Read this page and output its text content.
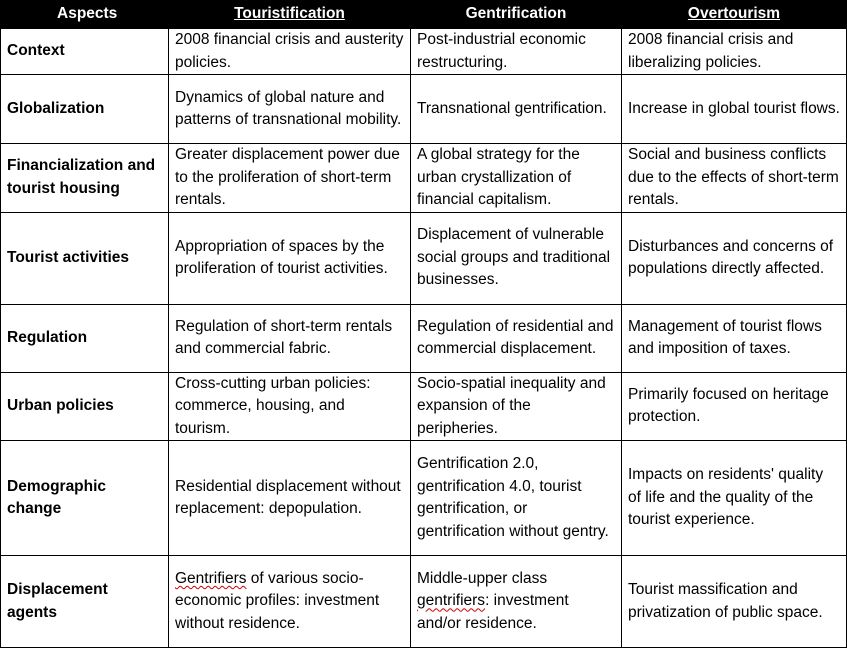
Aspects	Touristification	Gentrification	Overtourism
Context	2008 financial crisis and austerity policies.	Post-industrial economic restructuring.	2008 financial crisis and liberalizing policies.
Globalization	Dynamics of global nature and patterns of transnational mobility.	Transnational gentrification.	Increase in global tourist flows.
Financialization and tourist housing	Greater displacement power due to the proliferation of short-term rentals.	A global strategy for the urban crystallization of financial capitalism.	Social and business conflicts due to the effects of short-term rentals.
Tourist activities	Appropriation of spaces by the proliferation of tourist activities.	Displacement of vulnerable social groups and traditional businesses.	Disturbances and concerns of populations directly affected.
Regulation	Regulation of short-term rentals and commercial fabric.	Regulation of residential and commercial displacement.	Management of tourist flows and imposition of taxes.
Urban policies	Cross-cutting urban policies: commerce, housing, and tourism.	Socio-spatial inequality and expansion of the peripheries.	Primarily focused on heritage protection.
Demographic change	Residential displacement without replacement: depopulation.	Gentrification 2.0, gentrification 4.0, tourist gentrification, or gentrification without gentry.	Impacts on residents' quality of life and the quality of the tourist experience.
Displacement agents	Gentrifiers of various socio-economic profiles: investment without residence.	Middle-upper class gentrifiers: investment and/or residence.	Tourist massification and privatization of public space.
